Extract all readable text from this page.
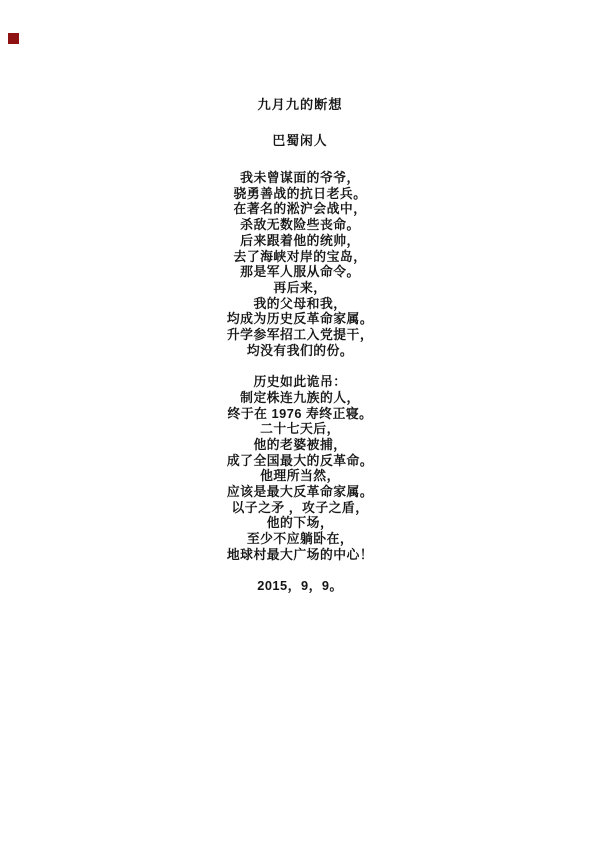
九月九的断想
巴蜀闲人
我未曾谋面的爷爷，
骁勇善战的抗日老兵。
在著名的淞沪会战中，
杀敌无数险些丧命。
后来跟着他的统帅，
去了海峡对岸的宝岛，
那是军人服从命令。
再后来，
我的父母和我，
均成为历史反革命家属。
升学参军招工入党提干，
均没有我们的份。
历史如此诡吊：
制定株连九族的人，
终于在 1976 寿终正寝。
二十七天后，
他的老婆被捕，
成了全国最大的反革命。
他理所当然，
应该是最大反革命家属。
以子之矛 ，攻子之盾，
他的下场，
至少不应躺卧在，
地球村最大广场的中心！
2015，9，9。
